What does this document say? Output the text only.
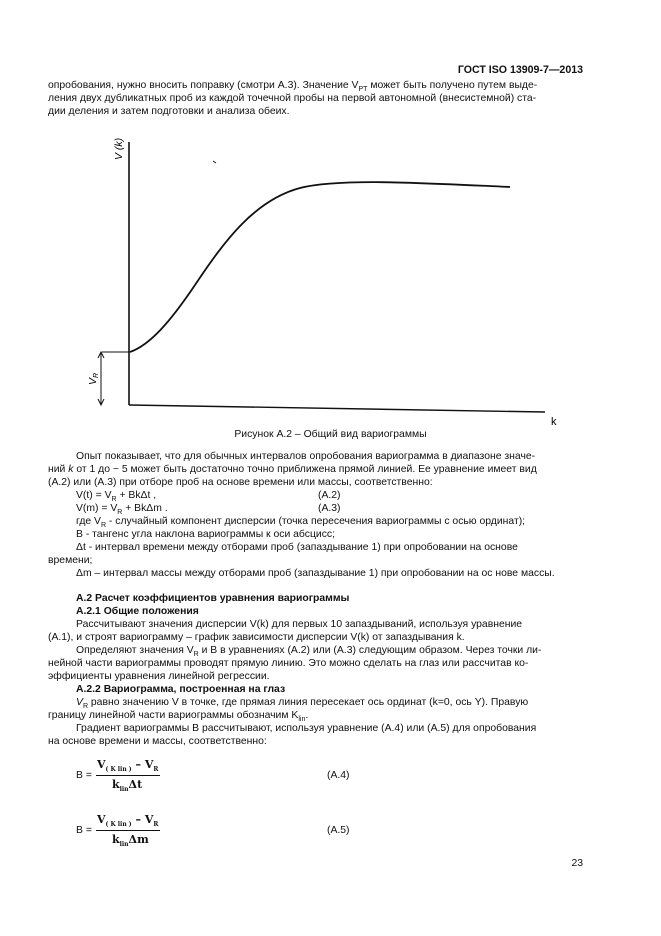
ГОСТ ISO 13909-7—2013
опробования, нужно вносить поправку (смотри А.3). Значение $V_{PT}$ может быть получено путем выде-
ления двух дубликатных проб из каждой точечной пробы на первой автономной (внесистемной) ста-
дии деления и затем подготовки и анализа обеих.
V (k)
VR
k
Рисунок А.2 – Общий вид вариограммы
Опыт показывает, что для обычных интервалов опробования вариограмма в диапазоне значе-
ний k от 1 до ~ 5 может быть достаточно точно приближена прямой линией. Ее уравнение имеет вид
(А.2) или (А.3) при отборе проб на основе времени или массы, соответственно:
$V(t) = V_R + Bk\Delta t$ ,	(А.2)
$V(m) = V_R + Bk\Delta m$ .	(А.3)
где $V_R$ - случайный компонент дисперсии (точка пересечения вариограммы с осью ординат);
В - тангенс угла наклона вариограммы к оси абсцисс;
Δt - интервал времени между отборами проб (запаздывание 1) при опробовании на основе
времени;
Δm – интервал массы между отборами проб (запаздывание 1) при опробовании на ос нове массы.
А.2 Расчет коэффициентов уравнения вариограммы
А.2.1 Общие положения
Рассчитывают значения дисперсии V(k) для первых 10 запаздываний, используя уравнение
(А.1), и строят вариограмму – график зависимости дисперсии V(k) от запаздывания k.
Определяют значения $V_R$ и В в уравнениях (А.2) или (А.3) следующим образом. Через точки ли-
нейной части вариограммы проводят прямую линию. Это можно сделать на глаз или рассчитав ко-
эффициенты уравнения линейной регрессии.
А.2.2 Вариограмма, построенная на глаз
$V_R$ равно значению V в точке, где прямая линия пересекает ось ординат (k=0, ось Y). Правую
границу линейной части вариограммы обозначим $K_{lin}$.
Градиент вариограммы В рассчитывают, используя уравнение (А.4) или (А.5) для опробования
на основе времени и массы, соответственно:
В =
$V_{( K lin )} - V_R$
$k_{lin}\Delta t$
(А.4)
В =
$V_{( K lin )} - V_R$
$k_{lin}\Delta m$
(А.5)
23
